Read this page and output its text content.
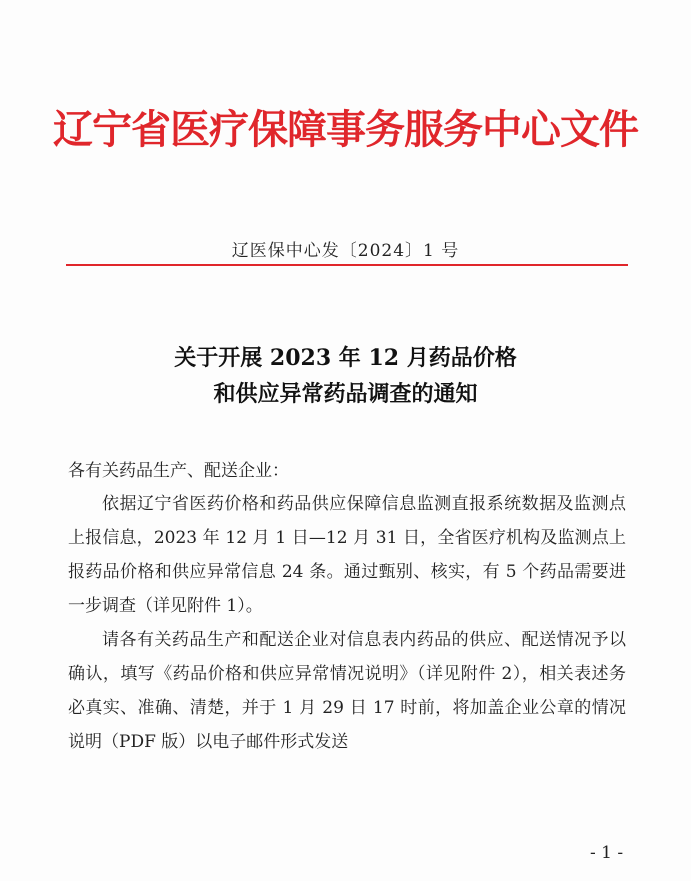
辽宁省医疗保障事务服务中心文件
辽医保中心发〔2024〕1 号
关于开展 2023 年 12 月药品价格
和供应异常药品调查的通知
各有关药品生产、配送企业：

依据辽宁省医药价格和药品供应保障信息监测直报系统数据及监测点上报信息，2023 年 12 月 1 日—12 月 31 日，全省医疗机构及监测点上报药品价格和供应异常信息 24 条。通过甄别、核实，有 5 个药品需要进一步调查（详见附件 1）。

请各有关药品生产和配送企业对信息表内药品的供应、配送情况予以确认，填写《药品价格和供应异常情况说明》（详见附件 2），相关表述务必真实、准确、清楚，并于 1 月 29 日 17 时前，将加盖企业公章的情况说明（PDF 版）以电子邮件形式发送

- 1 -
